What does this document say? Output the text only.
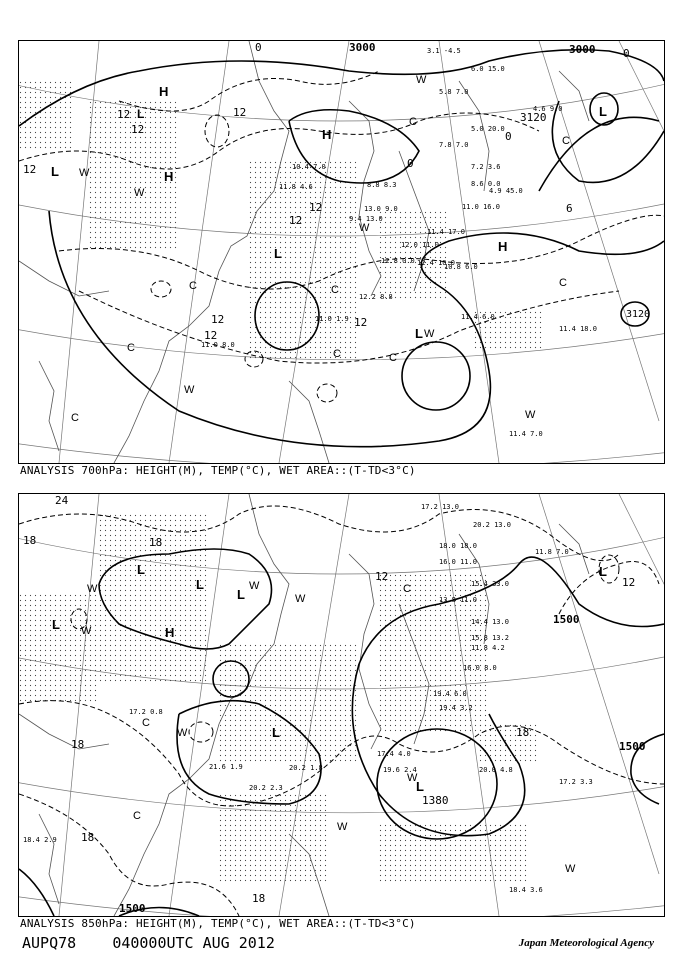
3000	3000
3120
3120
0
12
12
12
12
12
12
12
12
12
6
0
0
0
H
H
H
H
L
L	L
L
L
W
W
W
W
W
W
W
C
C
C	C
C
C
C
C
C
3.1 -4.5
6.0 15.0
5.8 7.0
4.6 9.0
5.0 20.0
7.8 7.0
7.2 3.6
8.6 0.0
4.9 45.0
11.4 17.0
11.0 16.0
10.8 6.0
12.0 11.0
12.4 10.0
13.0 9.0
9.4 13.0
8.8 8.3
10.4 7.0
11.8 4.6
12.8 0.0
12.2 8.8
11.0 1.9
11.0 8.0
11.4 6.0
11.4 18.0
11.4 7.0
ANALYSIS 700hPa: HEIGHT(M), TEMP(°C), WET AREA::(T-TD<3°C)
1500
1500
1500
1380
24
18	18
18
18
18
12	12
18
H
L
L
L
L
L
L
L
W
W
W
W
W
W
W
W
C
C
C
17.2 13.0
20.2 13.0
18.0 18.0
16.0 11.0
11.8 7.0
15.4 33.0
13.8 11.0
14.4 13.0
15.8 13.2
11.8 4.2
16.0 8.0
19.4 6.0
19.4 3.2
17.4 4.0
19.6 2.4	20.0 4.8
17.2 3.3
18.4 3.6
18.4 2.9
20.2 2.3
21.6 1.9	20.2 1.8
17.2 0.8
ANALYSIS 850hPa: HEIGHT(M), TEMP(°C), WET AREA::(T-TD<3°C)
AUPQ78 040000UTC AUG 2012	Japan Meteorological Agency
